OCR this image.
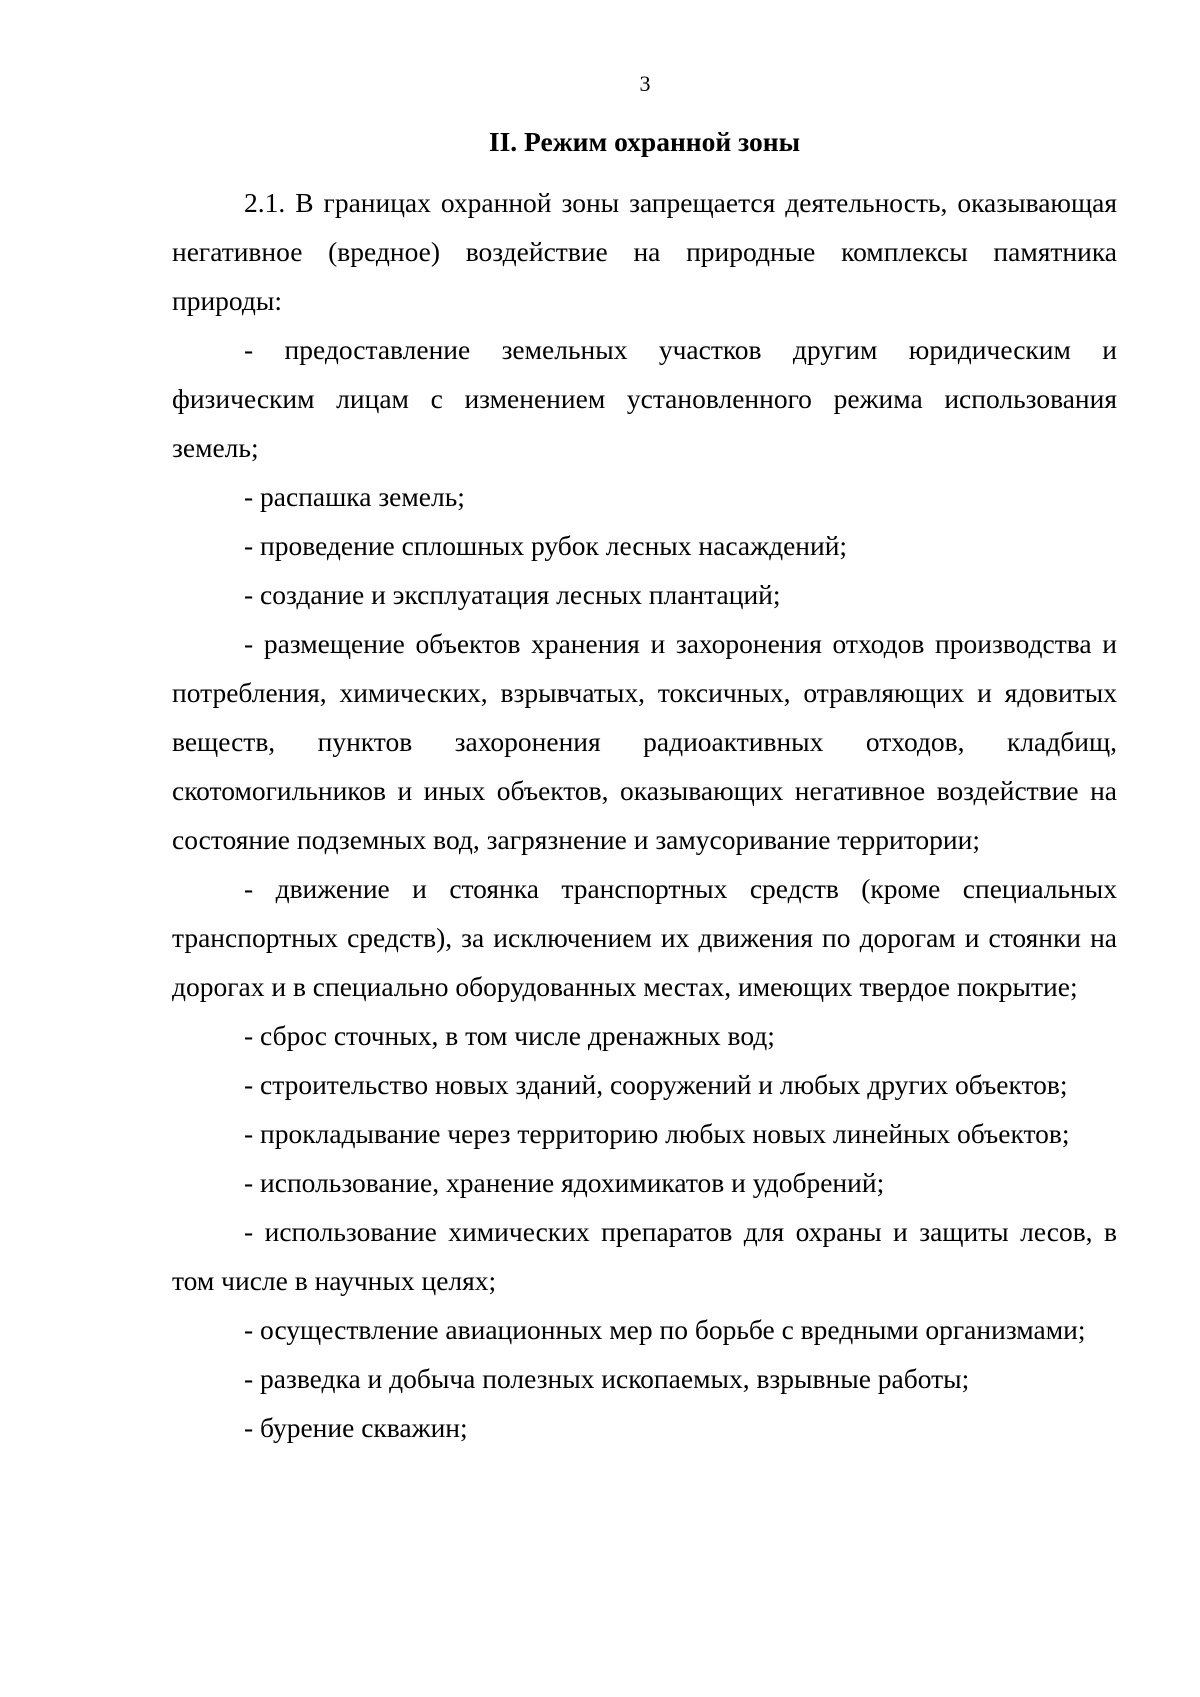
3
II. Режим охранной зоны

2.1. В границах охранной зоны запрещается деятельность, оказывающая негативное (вредное) воздействие на природные комплексы памятника природы:

- предоставление земельных участков другим юридическим и физическим лицам с изменением установленного режима использования земель;

- распашка земель;

- проведение сплошных рубок лесных насаждений;

- создание и эксплуатация лесных плантаций;

- размещение объектов хранения и захоронения отходов производства и потребления, химических, взрывчатых, токсичных, отравляющих и ядовитых веществ, пунктов захоронения радиоактивных отходов, кладбищ, скотомогильников и иных объектов, оказывающих негативное воздействие на состояние подземных вод, загрязнение и замусоривание территории;

- движение и стоянка транспортных средств (кроме специальных транспортных средств), за исключением их движения по дорогам и стоянки на дорогах и в специально оборудованных местах, имеющих твердое покрытие;

- сброс сточных, в том числе дренажных вод;

- строительство новых зданий, сооружений и любых других объектов;

- прокладывание через территорию любых новых линейных объектов;

- использование, хранение ядохимикатов и удобрений;

- использование химических препаратов для охраны и защиты лесов, в том числе в научных целях;

- осуществление авиационных мер по борьбе с вредными организмами;

- разведка и добыча полезных ископаемых, взрывные работы;

- бурение скважин;
